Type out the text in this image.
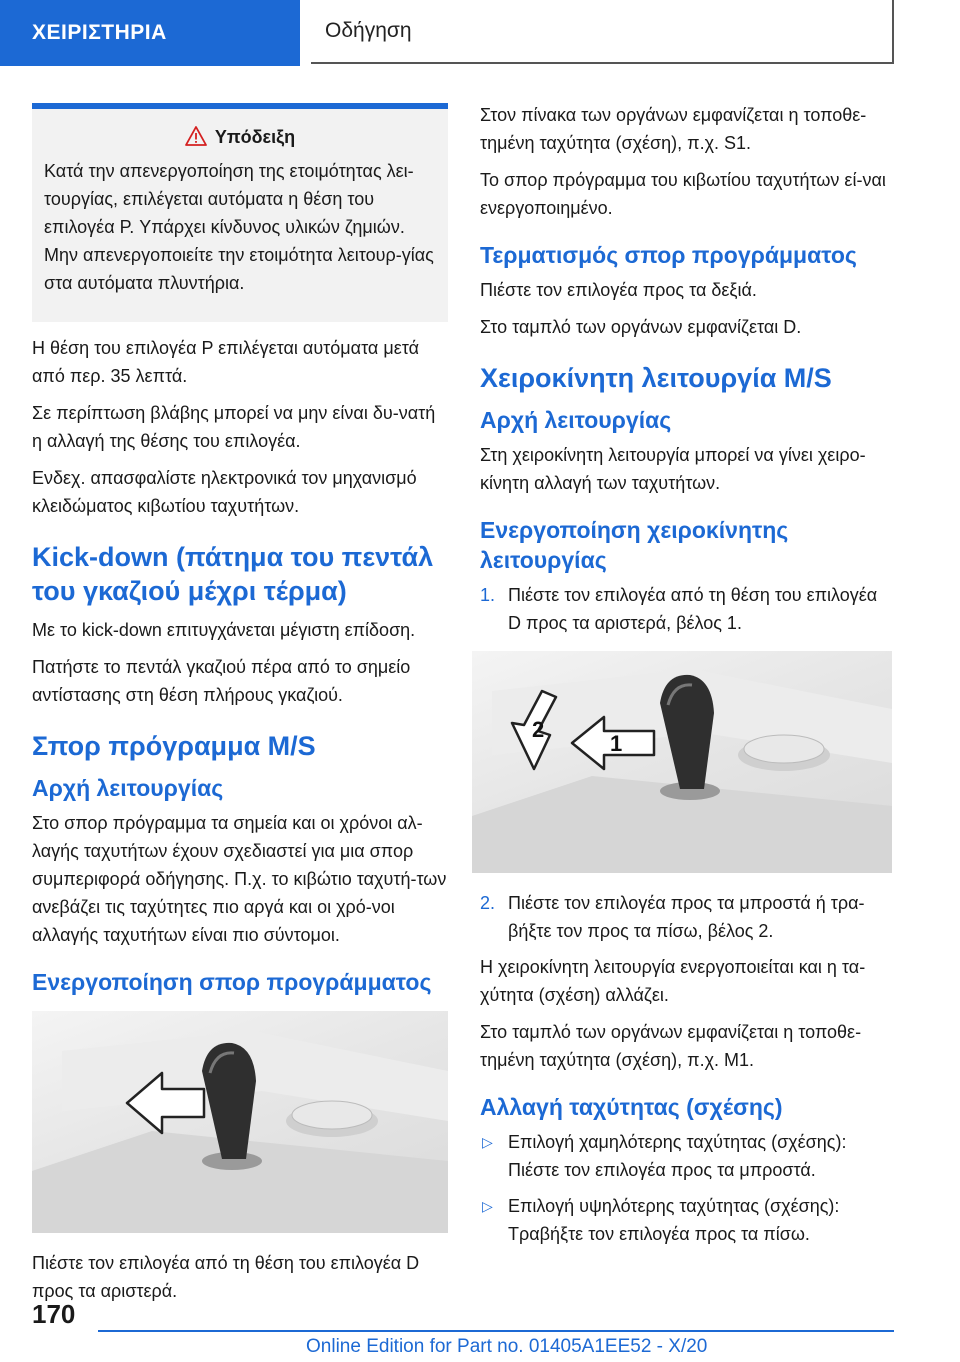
ΧΕΙΡΙΣΤΗΡΙΑ	Οδήγηση
Υπόδειξη

Κατά την απενεργοποίηση της ετοιμότητας λει-τουργίας, επιλέγεται αυτόματα η θέση του επιλογέα P. Υπάρχει κίνδυνος υλικών ζημιών. Μην απενεργοποιείτε την ετοιμότητα λειτουρ-γίας στα αυτόματα πλυντήρια.

Η θέση του επιλογέα P επιλέγεται αυτόματα μετά από περ. 35 λεπτά.

Σε περίπτωση βλάβης μπορεί να μην είναι δυ-νατή η αλλαγή της θέσης του επιλογέα.

Ενδεχ. απασφαλίστε ηλεκτρονικά τον μηχανισμό κλειδώματος κιβωτίου ταχυτήτων.

Kick-down (πάτημα του πεντάλ του γκαζιού μέχρι τέρμα)

Με το kick-down επιτυγχάνεται μέγιστη επίδοση.

Πατήστε το πεντάλ γκαζιού πέρα από το σημείο αντίστασης στη θέση πλήρους γκαζιού.

Σπορ πρόγραμμα M/S
Αρχή λειτουργίας

Στο σπορ πρόγραμμα τα σημεία και οι χρόνοι αλ-λαγής ταχυτήτων έχουν σχεδιαστεί για μια σπορ συμπεριφορά οδήγησης. Π.χ. το κιβώτιο ταχυτή-των ανεβάζει τις ταχύτητες πιο αργά και οι χρό-νοι αλλαγής ταχυτήτων είναι πιο σύντομοι.

Ενεργοποίηση σπορ προγράμματος

Πιέστε τον επιλογέα από τη θέση του επιλογέα D προς τα αριστερά.

Στον πίνακα των οργάνων εμφανίζεται η τοποθε-τημένη ταχύτητα (σχέση), π.χ. S1.

Το σπορ πρόγραμμα του κιβωτίου ταχυτήτων εί-ναι ενεργοποιημένο.

Τερματισμός σπορ προγράμματος

Πιέστε τον επιλογέα προς τα δεξιά.

Στο ταμπλό των οργάνων εμφανίζεται D.

Χειροκίνητη λειτουργία M/S
Αρχή λειτουργίας

Στη χειροκίνητη λειτουργία μπορεί να γίνει χειρο-κίνητη αλλαγή των ταχυτήτων.

Ενεργοποίηση χειροκίνητης λειτουργίας
1. Πιέστε τον επιλογέα από τη θέση του επιλογέα D προς τα αριστερά, βέλος 1.
1
2
2. Πιέστε τον επιλογέα προς τα μπροστά ή τρα-βήξτε τον προς τα πίσω, βέλος 2.

Η χειροκίνητη λειτουργία ενεργοποιείται και η τα-χύτητα (σχέση) αλλάζει.

Στο ταμπλό των οργάνων εμφανίζεται η τοποθε-τημένη ταχύτητα (σχέση), π.χ. M1.

Αλλαγή ταχύτητας (σχέσης)
▷ Επιλογή χαμηλότερης ταχύτητας (σχέσης): Πιέστε τον επιλογέα προς τα μπροστά.
▷ Επιλογή υψηλότερης ταχύτητας (σχέσης): Τραβήξτε τον επιλογέα προς τα πίσω.
170
Online Edition for Part no. 01405A1EE52 - X/20
